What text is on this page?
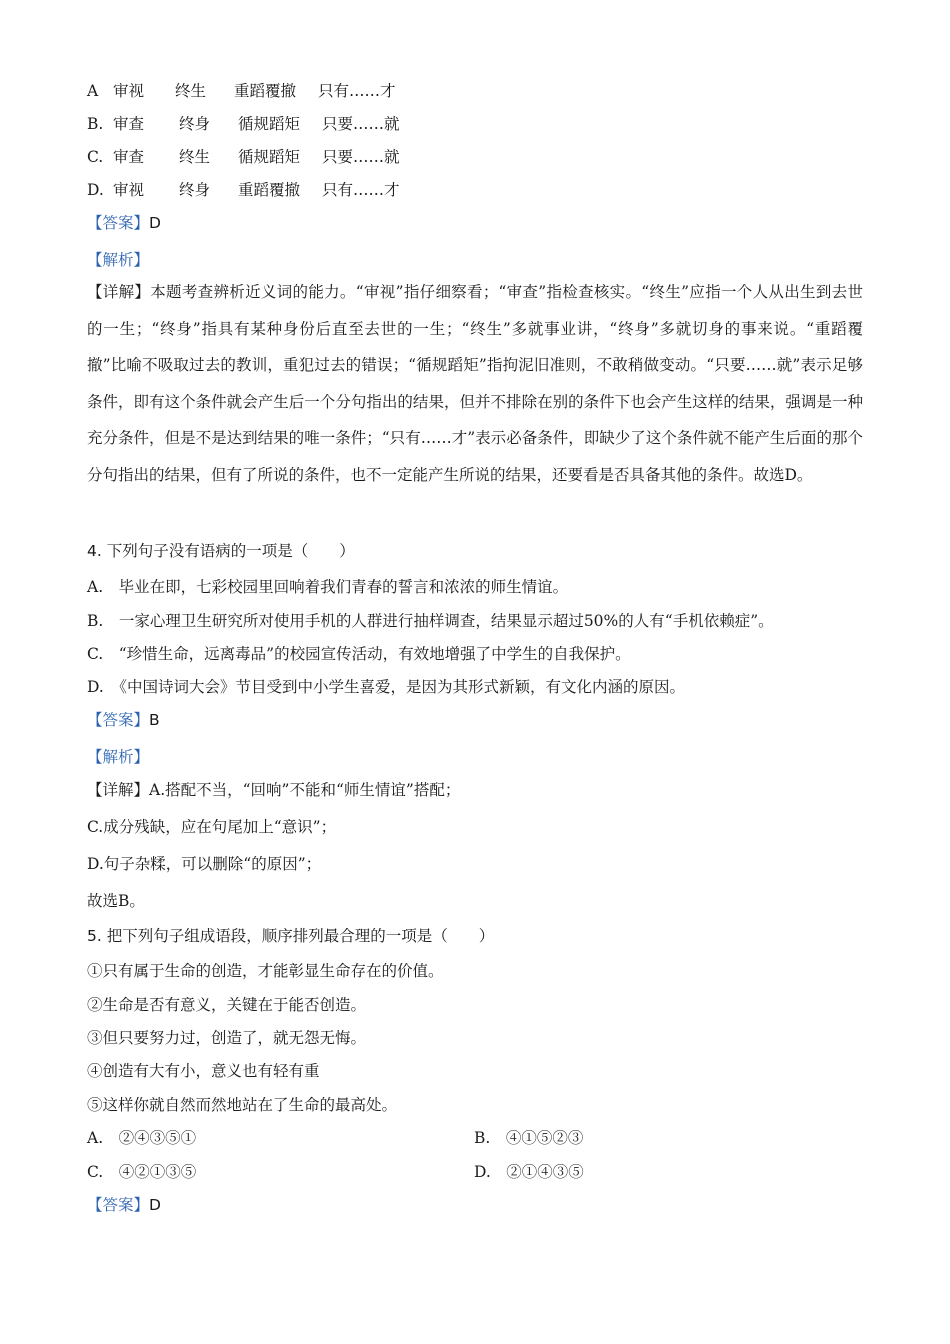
A 审视 终生 重蹈覆撤 只有……才
B. 审查 终身 循规蹈矩 只要……就
C. 审查 终生 循规蹈矩 只要……就
D. 审视 终身 重蹈覆撤 只有……才
【答案】D
【解析】
【详解】本题考查辨析近义词的能力。“审视”指仔细察看；“审查”指检查核实。“终生”应指一个人从出生到去世的一生；“终身”指具有某种身份后直至去世的一生；“终生”多就事业讲，“终身”多就切身的事来说。“重蹈覆撤”比喻不吸取过去的教训，重犯过去的错误；“循规蹈矩”指拘泥旧准则，不敢稍做变动。“只要……就”表示足够条件，即有这个条件就会产生后一个分句指出的结果，但并不排除在别的条件下也会产生这样的结果，强调是一种充分条件，但是不是达到结果的唯一条件；“只有……才”表示必备条件，即缺少了这个条件就不能产生后面的那个分句指出的结果，但有了所说的条件，也不一定能产生所说的结果，还要看是否具备其他的条件。故选D。
4. 下列句子没有语病的一项是（　　）
A.　毕业在即，七彩校园里回响着我们青春的誓言和浓浓的师生情谊。
B.　一家心理卫生研究所对使用手机的人群进行抽样调查，结果显示超过50%的人有“手机依赖症”。
C.　“珍惜生命，远离毒品”的校园宣传活动，有效地增强了中学生的自我保护。
D.　《中国诗词大会》节目受到中小学生喜爱，是因为其形式新颖，有文化内涵的原因。
【答案】B
【解析】
【详解】A.搭配不当，“回响”不能和“师生情谊”搭配；
C.成分残缺，应在句尾加上“意识”；
D.句子杂糅，可以删除“的原因”；
故选B。
5. 把下列句子组成语段，顺序排列最合理的一项是（　　）
①只有属于生命的创造，才能彰显生命存在的价值。
②生命是否有意义，关键在于能否创造。
③但只要努力过，创造了，就无怨无悔。
④创造有大有小，意义也有轻有重
⑤这样你就自然而然地站在了生命的最高处。
A.　②④③⑤①	B.　④①⑤②③
C.　④②①③⑤	D.　②①④③⑤
【答案】D
